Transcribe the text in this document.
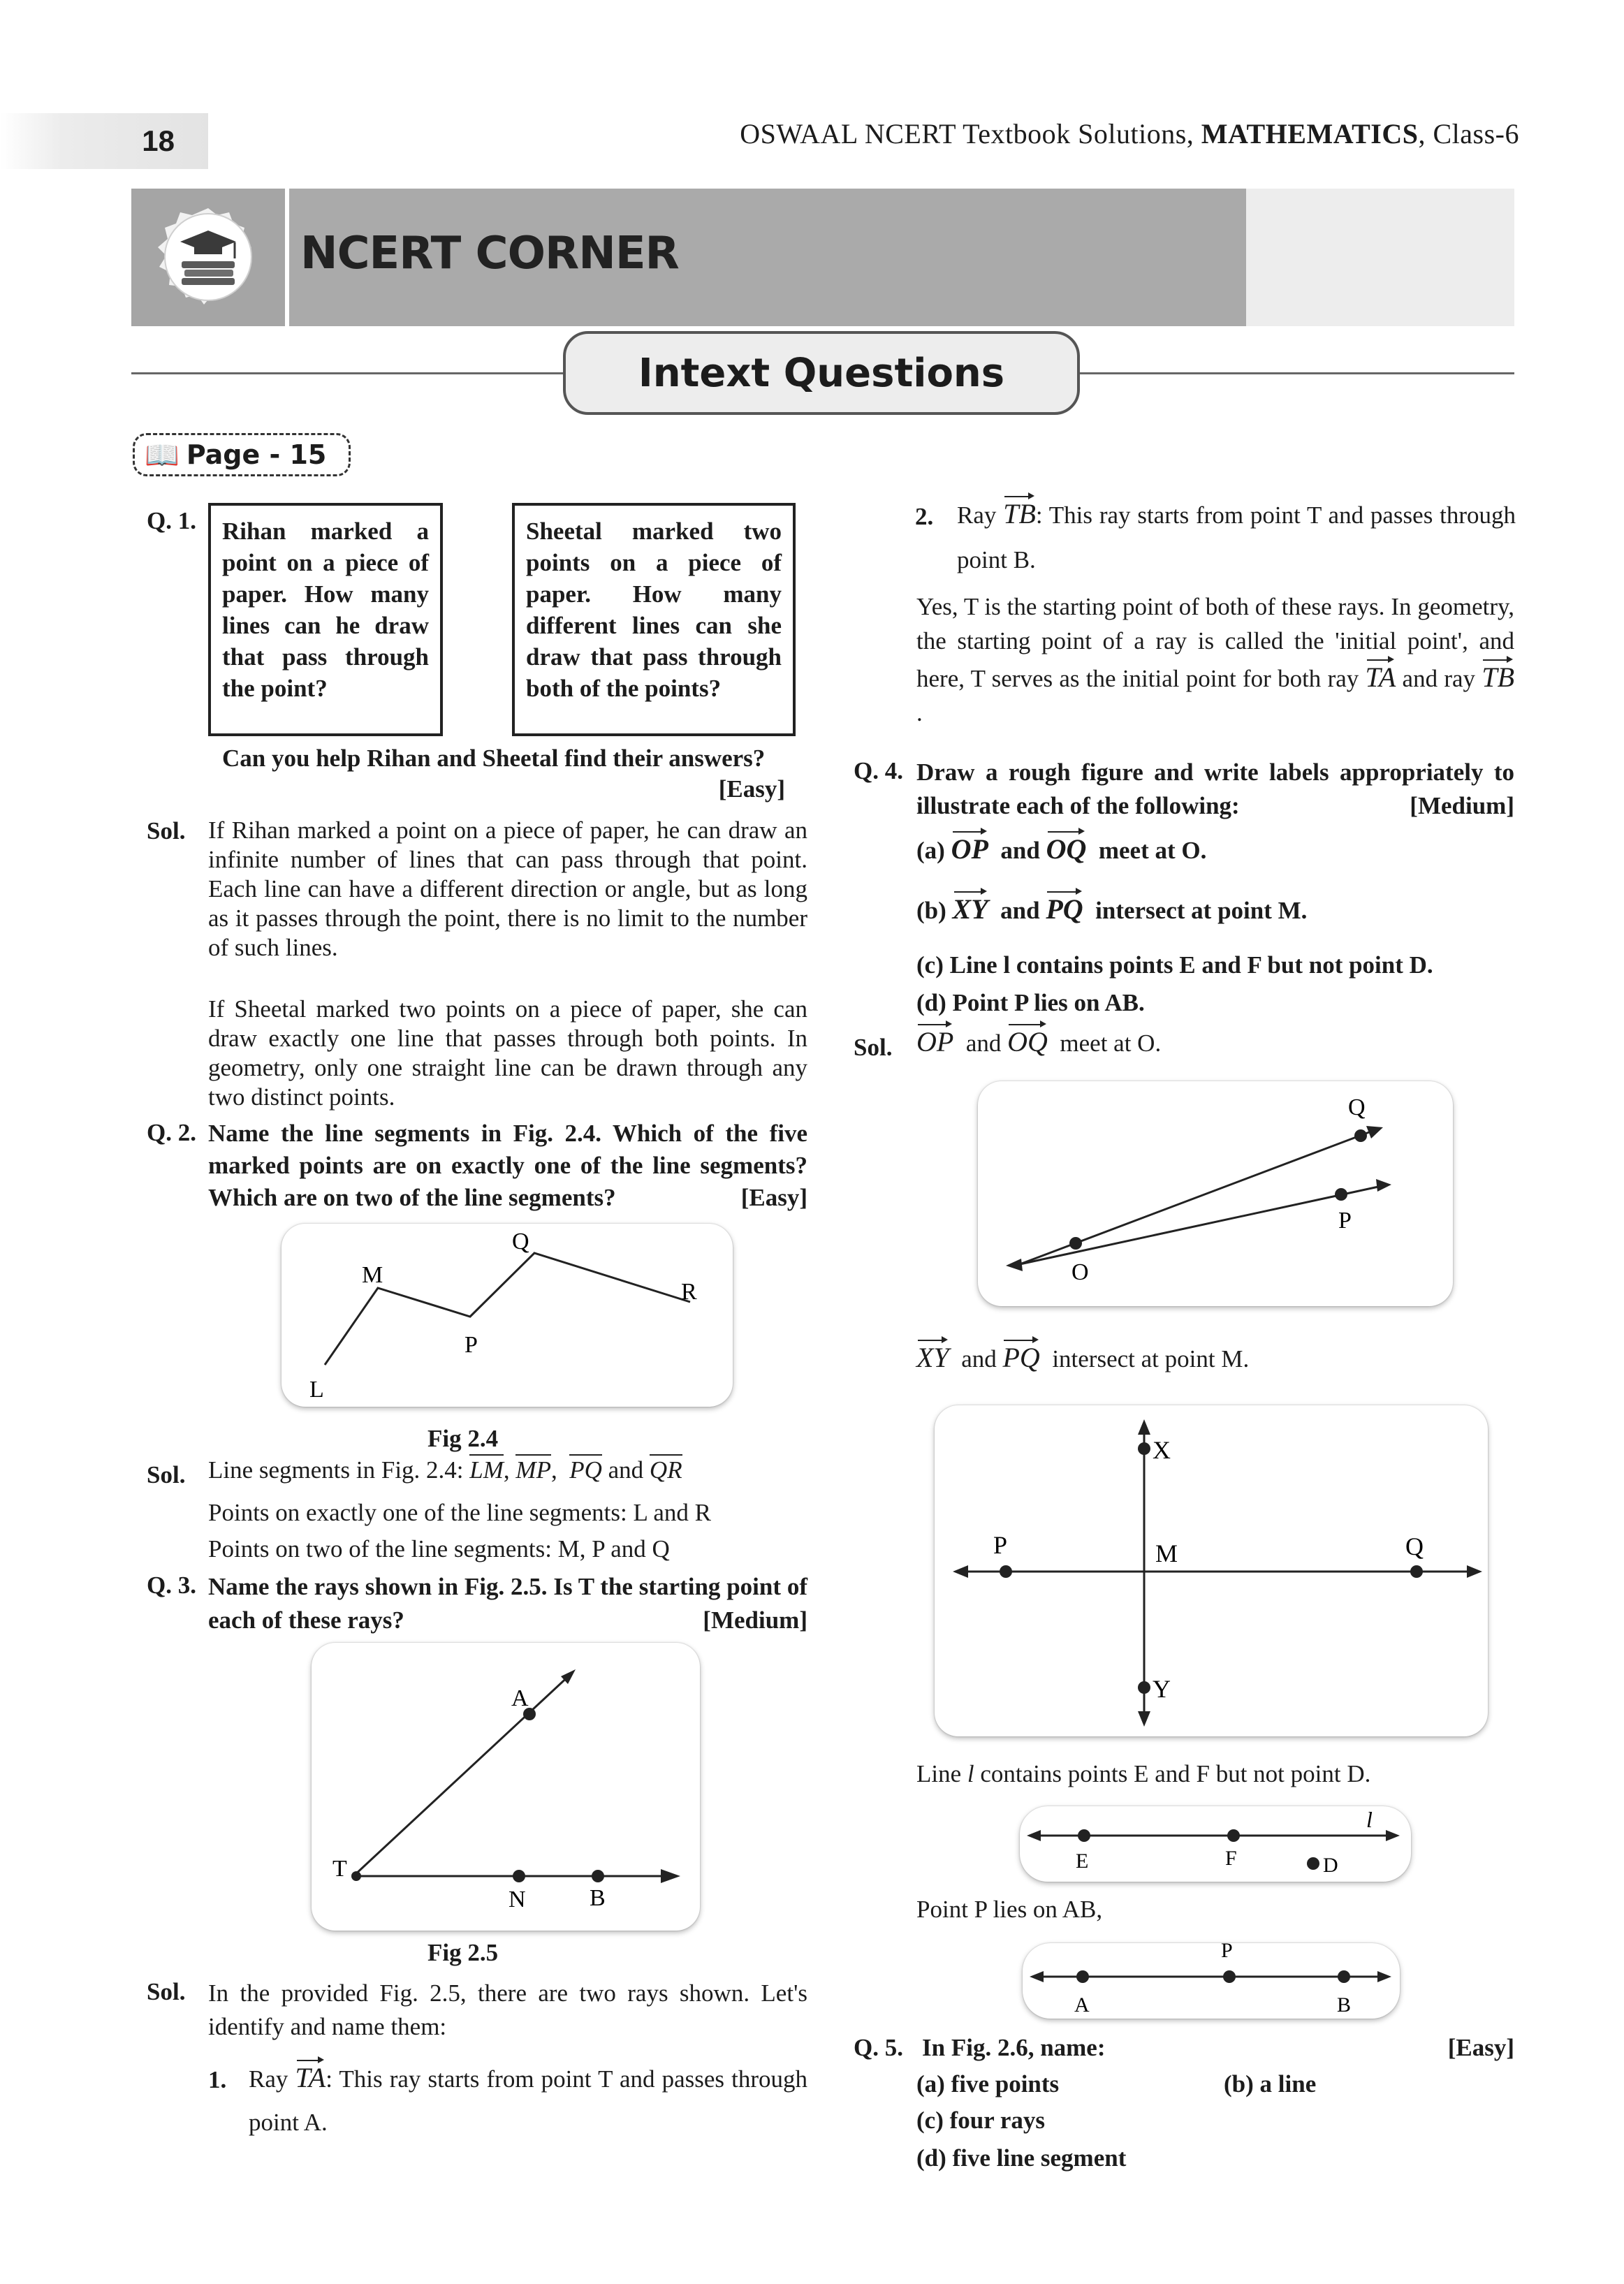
18	OSWAAL NCERT Textbook Solutions, MATHEMATICS, Class-6
NCERT CORNER
Intext Questions
📖 Page - 15
Q. 1.	Rihan marked a point on a piece of paper. How many lines can he draw that pass through the point?
Sheetal marked two points on a piece of paper. How many different lines can she draw that pass through both of the points?
Can you help Rihan and Sheetal find their answers?
[Easy]
Sol. If Rihan marked a point on a piece of paper, he can draw an infinite number of lines that can pass through that point. Each line can have a different direction or angle, but as long as it passes through the point, there is no limit to the number of such lines.
If Sheetal marked two points on a piece of paper, she can draw exactly one line that passes through both points. In geometry, only one straight line can be drawn through any two distinct points.
Q. 2. Name the line segments in Fig. 2.4. Which of the five marked points are on exactly one of the line segments? Which are on two of the line segments?	[Easy]
L
M
P
Q
R
Fig 2.4
Sol. Line segments in Fig. 2.4: LM, MP,  PQ and QR
Points on exactly one of the line segments: L and R
Points on two of the line segments: M, P and Q
Q. 3. Name the rays shown in Fig. 2.5. Is T the starting point of each of these rays?	[Medium]
A
T
N	B
Fig 2.5
Sol. In the provided Fig. 2.5, there are two rays shown. Let's identify and name them:
1. Ray TA: This ray starts from point T and passes through point A.
2. Ray TB: This ray starts from point T and passes through point B.
Yes, T is the starting point of both of these rays. In geometry, the starting point of a ray is called the 'initial point', and here, T serves as the initial point for both ray TA and ray TB.
Q. 4. Draw a rough figure and write labels appropriately to illustrate each of the following:	[Medium]
(a) OP and OQ meet at O.
(b) XY and PQ intersect at point M.
(c) Line l contains points E and F but not point D.
(d) Point P lies on AB.
Sol. OP and OQ meet at O.
Q
P
O
XY and PQ intersect at point M.
X
Y
P	Q
M
Line l contains points E and F but not point D.
l
E	F	D
Point P lies on AB,
P
A	B
Q. 5. In Fig. 2.6, name:	[Easy]
(a) five points	(b) a line
(c) four rays
(d) five line segment
